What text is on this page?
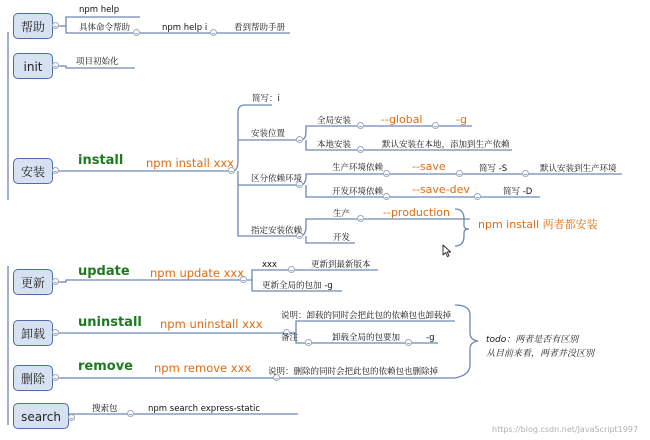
帮助
init
安装
更新
卸载
删除
search
npm help
具体命令帮助	npm help i	看到帮助手册
项目初始化
install npm install xxx
简写：i
安装位置
全局安装	--global	-g
本地安装	默认安装在本地，添加到生产依赖
区分依赖环境
生产环境依赖	--save	简写 -S	默认安装到生产环境
开发环境依赖	--save-dev	简写 -D
指定安装依赖
生产	--production
开发
npm install 两者都安装
update npm update xxx
xxx	更新到最新版本
更新全局的包加 -g
uninstall npm uninstall xxx
说明：卸载的同时会把此包的依赖包也卸载掉
备注	卸载全局的包要加	-g
remove npm remove xxx 说明：删除的同时会把此包的依赖包也删除掉
todo：两者是否有区别
从目前来看，两者并没区别
搜索包	npm search express-static
https://blog.csdn.net/JavaScript1997
